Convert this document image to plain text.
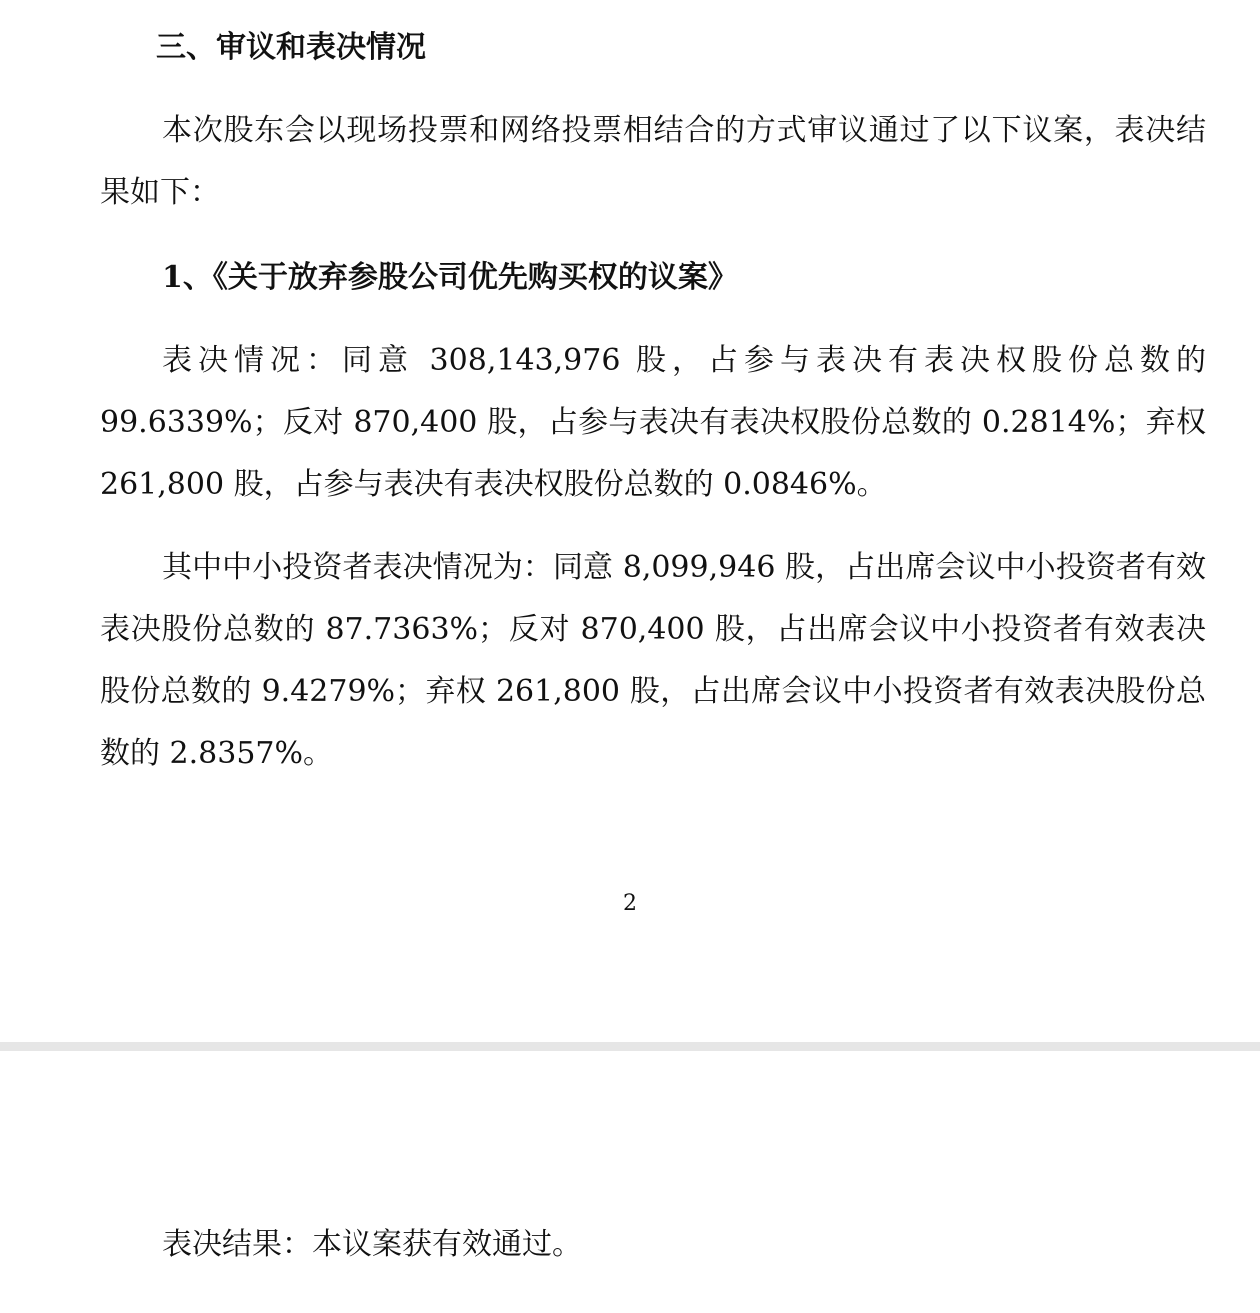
三、审议和表决情况

本次股东会以现场投票和网络投票相结合的方式审议通过了以下议案，表决结果如下：

1、《关于放弃参股公司优先购买权的议案》

表决情况：同意 308,143,976 股，占参与表决有表决权股份总数的 99.6339%；反对 870,400 股，占参与表决有表决权股份总数的 0.2814%；弃权 261,800 股，占参与表决有表决权股份总数的 0.0846%。

其中中小投资者表决情况为：同意 8,099,946 股，占出席会议中小投资者有效表决股份总数的 87.7363%；反对 870,400 股，占出席会议中小投资者有效表决股份总数的 9.4279%；弃权 261,800 股，占出席会议中小投资者有效表决股份总数的 2.8357%。

2
表决结果：本议案获有效通过。
